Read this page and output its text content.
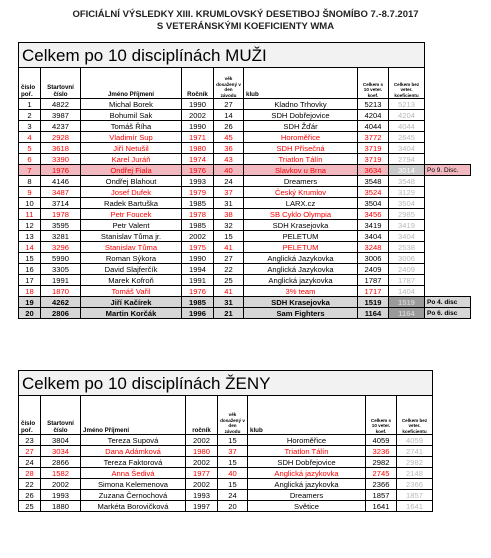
OFICIÁLNÍ VÝSLEDKY XIII. KRUMLOVSKÝ DESETIBOJ ŠNOMÍBO 7.-8.7.2017
S VETERÁNSKÝMI KOEFICIENTY WMA
Celkem po 10 disciplínách MUŽI								
číslo poř.	Startovní číslo	Jméno Příjmení	Ročník	věk dosažený v den závodu	klub	Celkem s 10 veter. koef.	Celkem bez veter. koeficientu	
1	4822	Michal Borek	1990	27	Kladno Trhovky	5213	5213	
2	3987	Bohumil Sak	2002	14	SDH Dobřejovice	4204	4204	
3	4237	Tomáš Říha	1990	26	SDH Žďár	4044	4044	
4	2928	Vladimír Sup	1971	45	Horoměřice	3772	2645	
5	3618	Jiří Netušil	1980	36	SDH Přísečná	3719	3404	
6	3390	Karel Juráň	1974	43	Triatlon Tálín	3719	2794	
7	1976	Ondřej Fiala	1976	40	Slavkov u Brna	3634	3014	Po 9. Disc.
8	4146	Ondřej Blahout	1993	24	Dreamers	3548	3548	
9	3487	Josef Dufek	1979	37	Český Krumlov	3524	3129	
10	3714	Radek Bartuška	1985	31	LARX.cz	3504	3504	
11	1978	Petr Foucek	1978	38	SB Cyklo Olympia	3456	2985	
12	3595	Petr Valent	1985	32	SDH Krasejovka	3419	3419	
13	3281	Stanislav Tůma jr.	2002	15	PELETUM	3404	3404	
14	3296	Stanislav Tůma	1975	41	PELETUM	3248	2538	
15	5990	Roman Sýkora	1990	27	Anglická Jazykovka	3006	3006	
16	3305	David Slajferčík	1994	22	Anglická Jazykovka	2409	2409	
17	1991	Marek Kofroň	1991	25	Anglická jazykovka	1787	1787	
18	1870	Tomáš Vařil	1976	41	3% team	1717	1404	
19	4262	Jiří Kačírek	1985	31	SDH Krasejovka	1519	1519	Po 4. disc
20	2806	Martin Korčák	1996	21	Sam Fighters	1164	1164	Po 6. disc
Celkem po 10 disciplínách ŽENY							
číslo poř.	Startovní číslo	Jméno Příjmení	ročník	věk dosažený v den závodu	klub	Celkem s 10 veter. koef.	Celkem bez veter. koeficientu
23	3804	Tereza Supová	2002	15	Horoměřice	4059	4059
27	3034	Dana Adámková	1980	37	Triatlon Tálín	3236	2741
24	2866	Tereza Faktorová	2002	15	SDH Dobřejovice	2982	2982
28	1582	Anna Šedivá	1977	40	Anglická jazykovka	2745	2148
22	2002	Simona Kelemenova	2002	15	Anglická jazykovka	2366	2366
26	1993	Zuzana Černochová	1993	24	Dreamers	1857	1857
25	1880	Markéta Borovičková	1997	20	Světice	1641	1641
